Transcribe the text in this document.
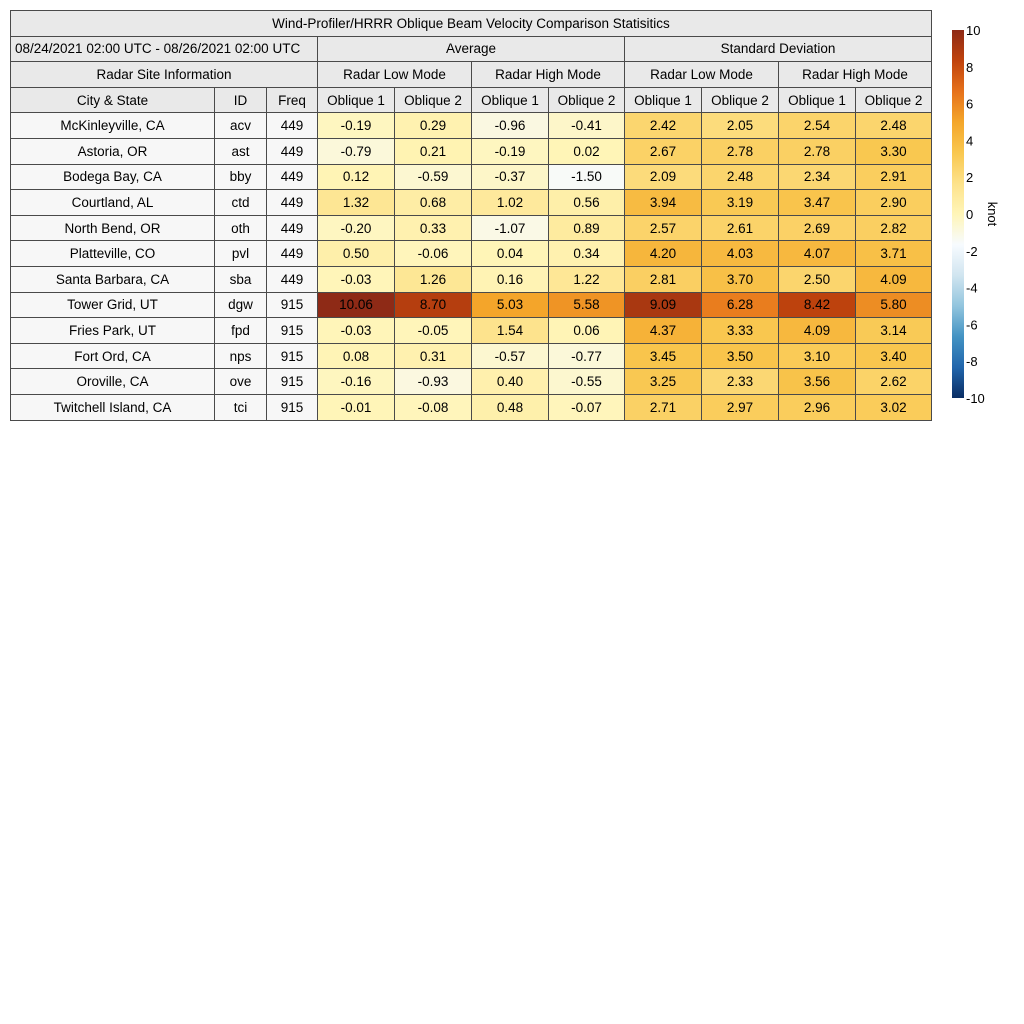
Wind-Profiler/HRRR Oblique Beam Velocity Comparison Statisitics										
08/24/2021 02:00 UTC - 08/26/2021 02:00 UTC			Average				Standard Deviation			
Radar Site Information			Radar Low Mode		Radar High Mode		Radar Low Mode		Radar High Mode	
City & State	ID	Freq	Oblique 1	Oblique 2	Oblique 1	Oblique 2	Oblique 1	Oblique 2	Oblique 1	Oblique 2
McKinleyville, CA	acv	449	-0.19	0.29	-0.96	-0.41	2.42	2.05	2.54	2.48
Astoria, OR	ast	449	-0.79	0.21	-0.19	0.02	2.67	2.78	2.78	3.30
Bodega Bay, CA	bby	449	0.12	-0.59	-0.37	-1.50	2.09	2.48	2.34	2.91
Courtland, AL	ctd	449	1.32	0.68	1.02	0.56	3.94	3.19	3.47	2.90
North Bend, OR	oth	449	-0.20	0.33	-1.07	0.89	2.57	2.61	2.69	2.82
Platteville, CO	pvl	449	0.50	-0.06	0.04	0.34	4.20	4.03	4.07	3.71
Santa Barbara, CA	sba	449	-0.03	1.26	0.16	1.22	2.81	3.70	2.50	4.09
Tower Grid, UT	dgw	915	10.06	8.70	5.03	5.58	9.09	6.28	8.42	5.80
Fries Park, UT	fpd	915	-0.03	-0.05	1.54	0.06	4.37	3.33	4.09	3.14
Fort Ord, CA	nps	915	0.08	0.31	-0.57	-0.77	3.45	3.50	3.10	3.40
Oroville, CA	ove	915	-0.16	-0.93	0.40	-0.55	3.25	2.33	3.56	2.62
Twitchell Island, CA	tci	915	-0.01	-0.08	0.48	-0.07	2.71	2.97	2.96	3.02
10
8
6
4
2
0
-2
-4
-6
-8
-10
knot
